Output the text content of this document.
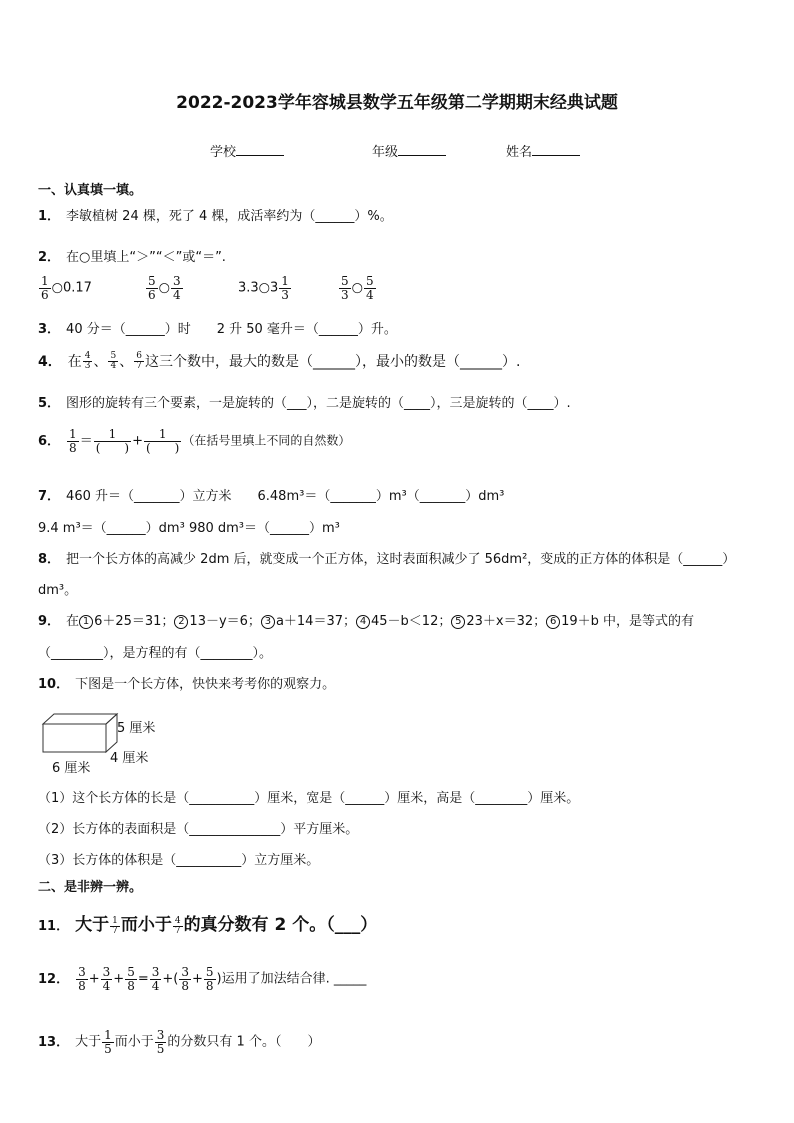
2022-2023学年容城县数学五年级第二学期期末经典试题
学校	年级	姓名
一、认真填一填。
1． 李敏植树 24 棵，死了 4 棵，成活率约为（______）%。
2． 在○里填上“＞”“＜”或“＝”.
$\frac{1}{6}$ ○0.17	$\frac{5}{6}$ ○ $\frac{3}{4}$	3.3○3 $\frac{1}{3}$	$\frac{5}{3}$ ○ $\frac{5}{4}$
3． 40 分＝（______）时　　2 升 50 毫升＝（______）升。
4． 在 $\frac{4}{3}$ 、 $\frac{5}{4}$ 、 $\frac{6}{7}$ 这三个数中，最大的数是（______），最小的数是（______）.
5． 图形的旋转有三个要素，一是旋转的（___），二是旋转的（____），三是旋转的（____）.
6． $\frac{1}{8} = \frac{1}{( )} + \frac{1}{( )}$ （在括号里填上不同的自然数）
7． 460 升＝（_______）立方米　　6.48m³＝（_______）m³（_______）dm³
9.4 m³＝（______）dm³ 980 dm³＝（______）m³
8． 把一个长方体的高减少 2dm 后，就变成一个正方体，这时表面积减少了 56dm²，变成的正方体的体积是（______）
dm³。
9． 在 1 6＋25＝31； 2 13－y＝6； 3 a＋14＝37； 4 45－b＜12； 5 23＋x＝32； 6 19＋b 中，是等式的有
（________），是方程的有（________）。
10． 下图是一个长方体，快快来考考你的观察力。
5 厘米
4 厘米
6 厘米
（1）这个长方体的长是（__________）厘米，宽是（______）厘米，高是（________）厘米。
（2）长方体的表面积是（______________）平方厘米。
（3）长方体的体积是（__________）立方厘米。
二、是非辨一辨。
11． 大于 $\frac{1}{7}$ 而小于 $\frac{4}{7}$ 的真分数有 2 个。（___）
12． $\frac{3}{8} + \frac{3}{4} + \frac{5}{8} = \frac{3}{4}$ +( $\frac{3}{8} + \frac{5}{8}$ )运用了加法结合律. _____
13． 大于 $\frac{1}{5}$ 而小于 $\frac{3}{5}$ 的分数只有 1 个。（　　）
